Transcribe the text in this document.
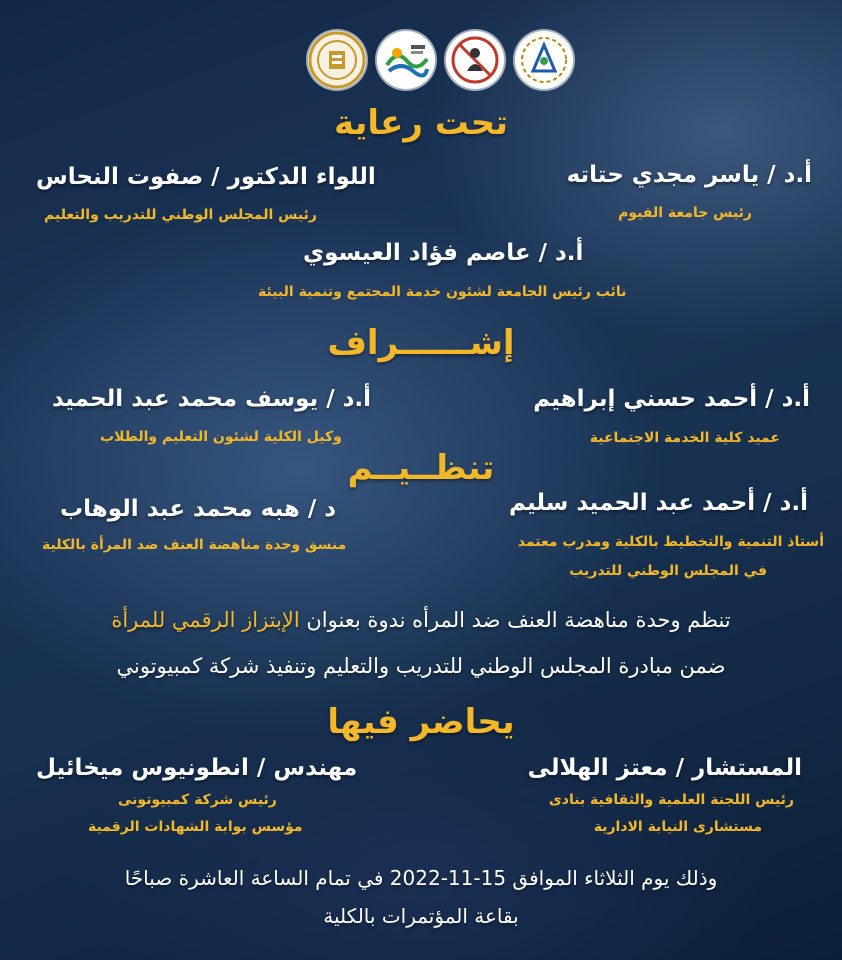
تحت رعاية
أ.د / ياسر مجدي حتاته
رئيس جامعة الفيوم
اللواء الدكتور / صفوت النحاس
رئيس المجلس الوطني للتدريب والتعليم
أ.د / عاصم فؤاد العيسوي
نائب رئيس الجامعة لشئون خدمة المجتمع وتنمية البيئة
إشــــــراف
أ.د / أحمد حسني إبراهيم
عميد كلية الخدمة الاجتماعية
أ.د / يوسف محمد عبد الحميد
وكيل الكلية لشئون التعليم والطلاب
تنظــيــم
أ.د / أحمد عبد الحميد سليم
أستاذ التنمية والتخطيط بالكلية ومدرب معتمد
في المجلس الوطني للتدريب
د / هبه محمد عبد الوهاب
منسق وحدة مناهضة العنف ضد المرأة بالكلية
تنظم وحدة مناهضة العنف ضد المرأه ندوة بعنوان الإبتزاز الرقمي للمرأة
ضمن مبادرة المجلس الوطني للتدريب والتعليم وتنفيذ شركة كمبيوتوني
يحاضر فيها
المستشار / معتز الهلالى
رئيس اللجنة العلمية والثقافية بنادى
مستشارى النيابة الادارية
مهندس / انطونيوس ميخائيل
رئيس شركة كمبيوتونى
مؤسس بوابة الشهادات الرقمية
وذلك يوم الثلاثاء الموافق 15-11-2022 في تمام الساعة العاشرة صباحًا
بقاعة المؤتمرات بالكلية
